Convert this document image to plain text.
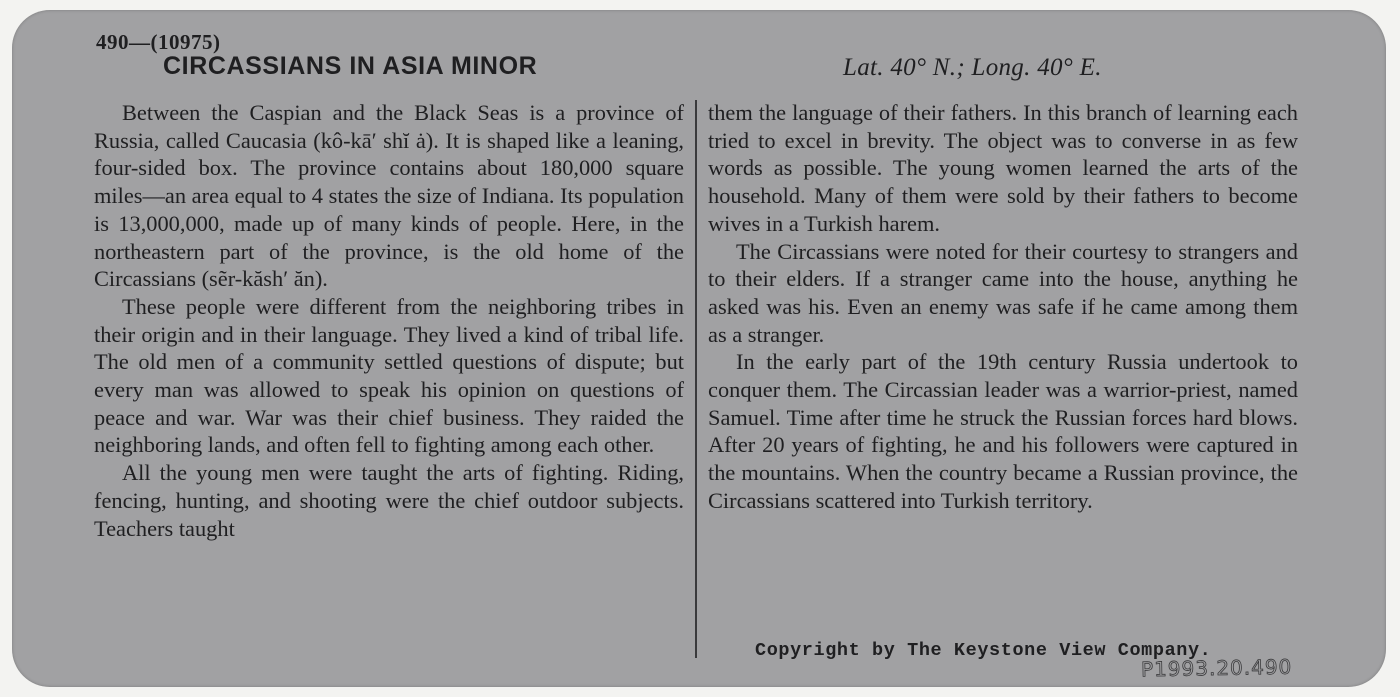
490—(10975)
CIRCASSIANS IN ASIA MINOR	Lat. 40° N.; Long. 40° E.

Between the Caspian and the Black Seas is a province of Russia, called Caucasia (kô-kā′ shĭ ȧ). It is shaped like a leaning, four-sided box. The province contains about 180,000 square miles—an area equal to 4 states the size of Indiana. Its population is 13,000,000, made up of many kinds of people. Here, in the northeastern part of the province, is the old home of the Circassians (sẽr-kăsh′ ăn).

These people were different from the neighboring tribes in their origin and in their language. They lived a kind of tribal life. The old men of a community settled questions of dispute; but every man was allowed to speak his opinion on questions of peace and war. War was their chief business. They raided the neighboring lands, and often fell to fighting among each other.

All the young men were taught the arts of fighting. Riding, fencing, hunting, and shooting were the chief outdoor subjects. Teachers taught

them the language of their fathers. In this branch of learning each tried to excel in brevity. The object was to converse in as few words as possible. The young women learned the arts of the household. Many of them were sold by their fathers to become wives in a Turkish harem.

The Circassians were noted for their courtesy to strangers and to their elders. If a stranger came into the house, anything he asked was his. Even an enemy was safe if he came among them as a stranger.

In the early part of the 19th century Russia undertook to conquer them. The Circassian leader was a warrior-priest, named Samuel. Time after time he struck the Russian forces hard blows. After 20 years of fighting, he and his followers were captured in the mountains. When the country became a Russian province, the Circassians scattered into Turkish territory.

Copyright by The Keystone View Company.
P1993.20.490
